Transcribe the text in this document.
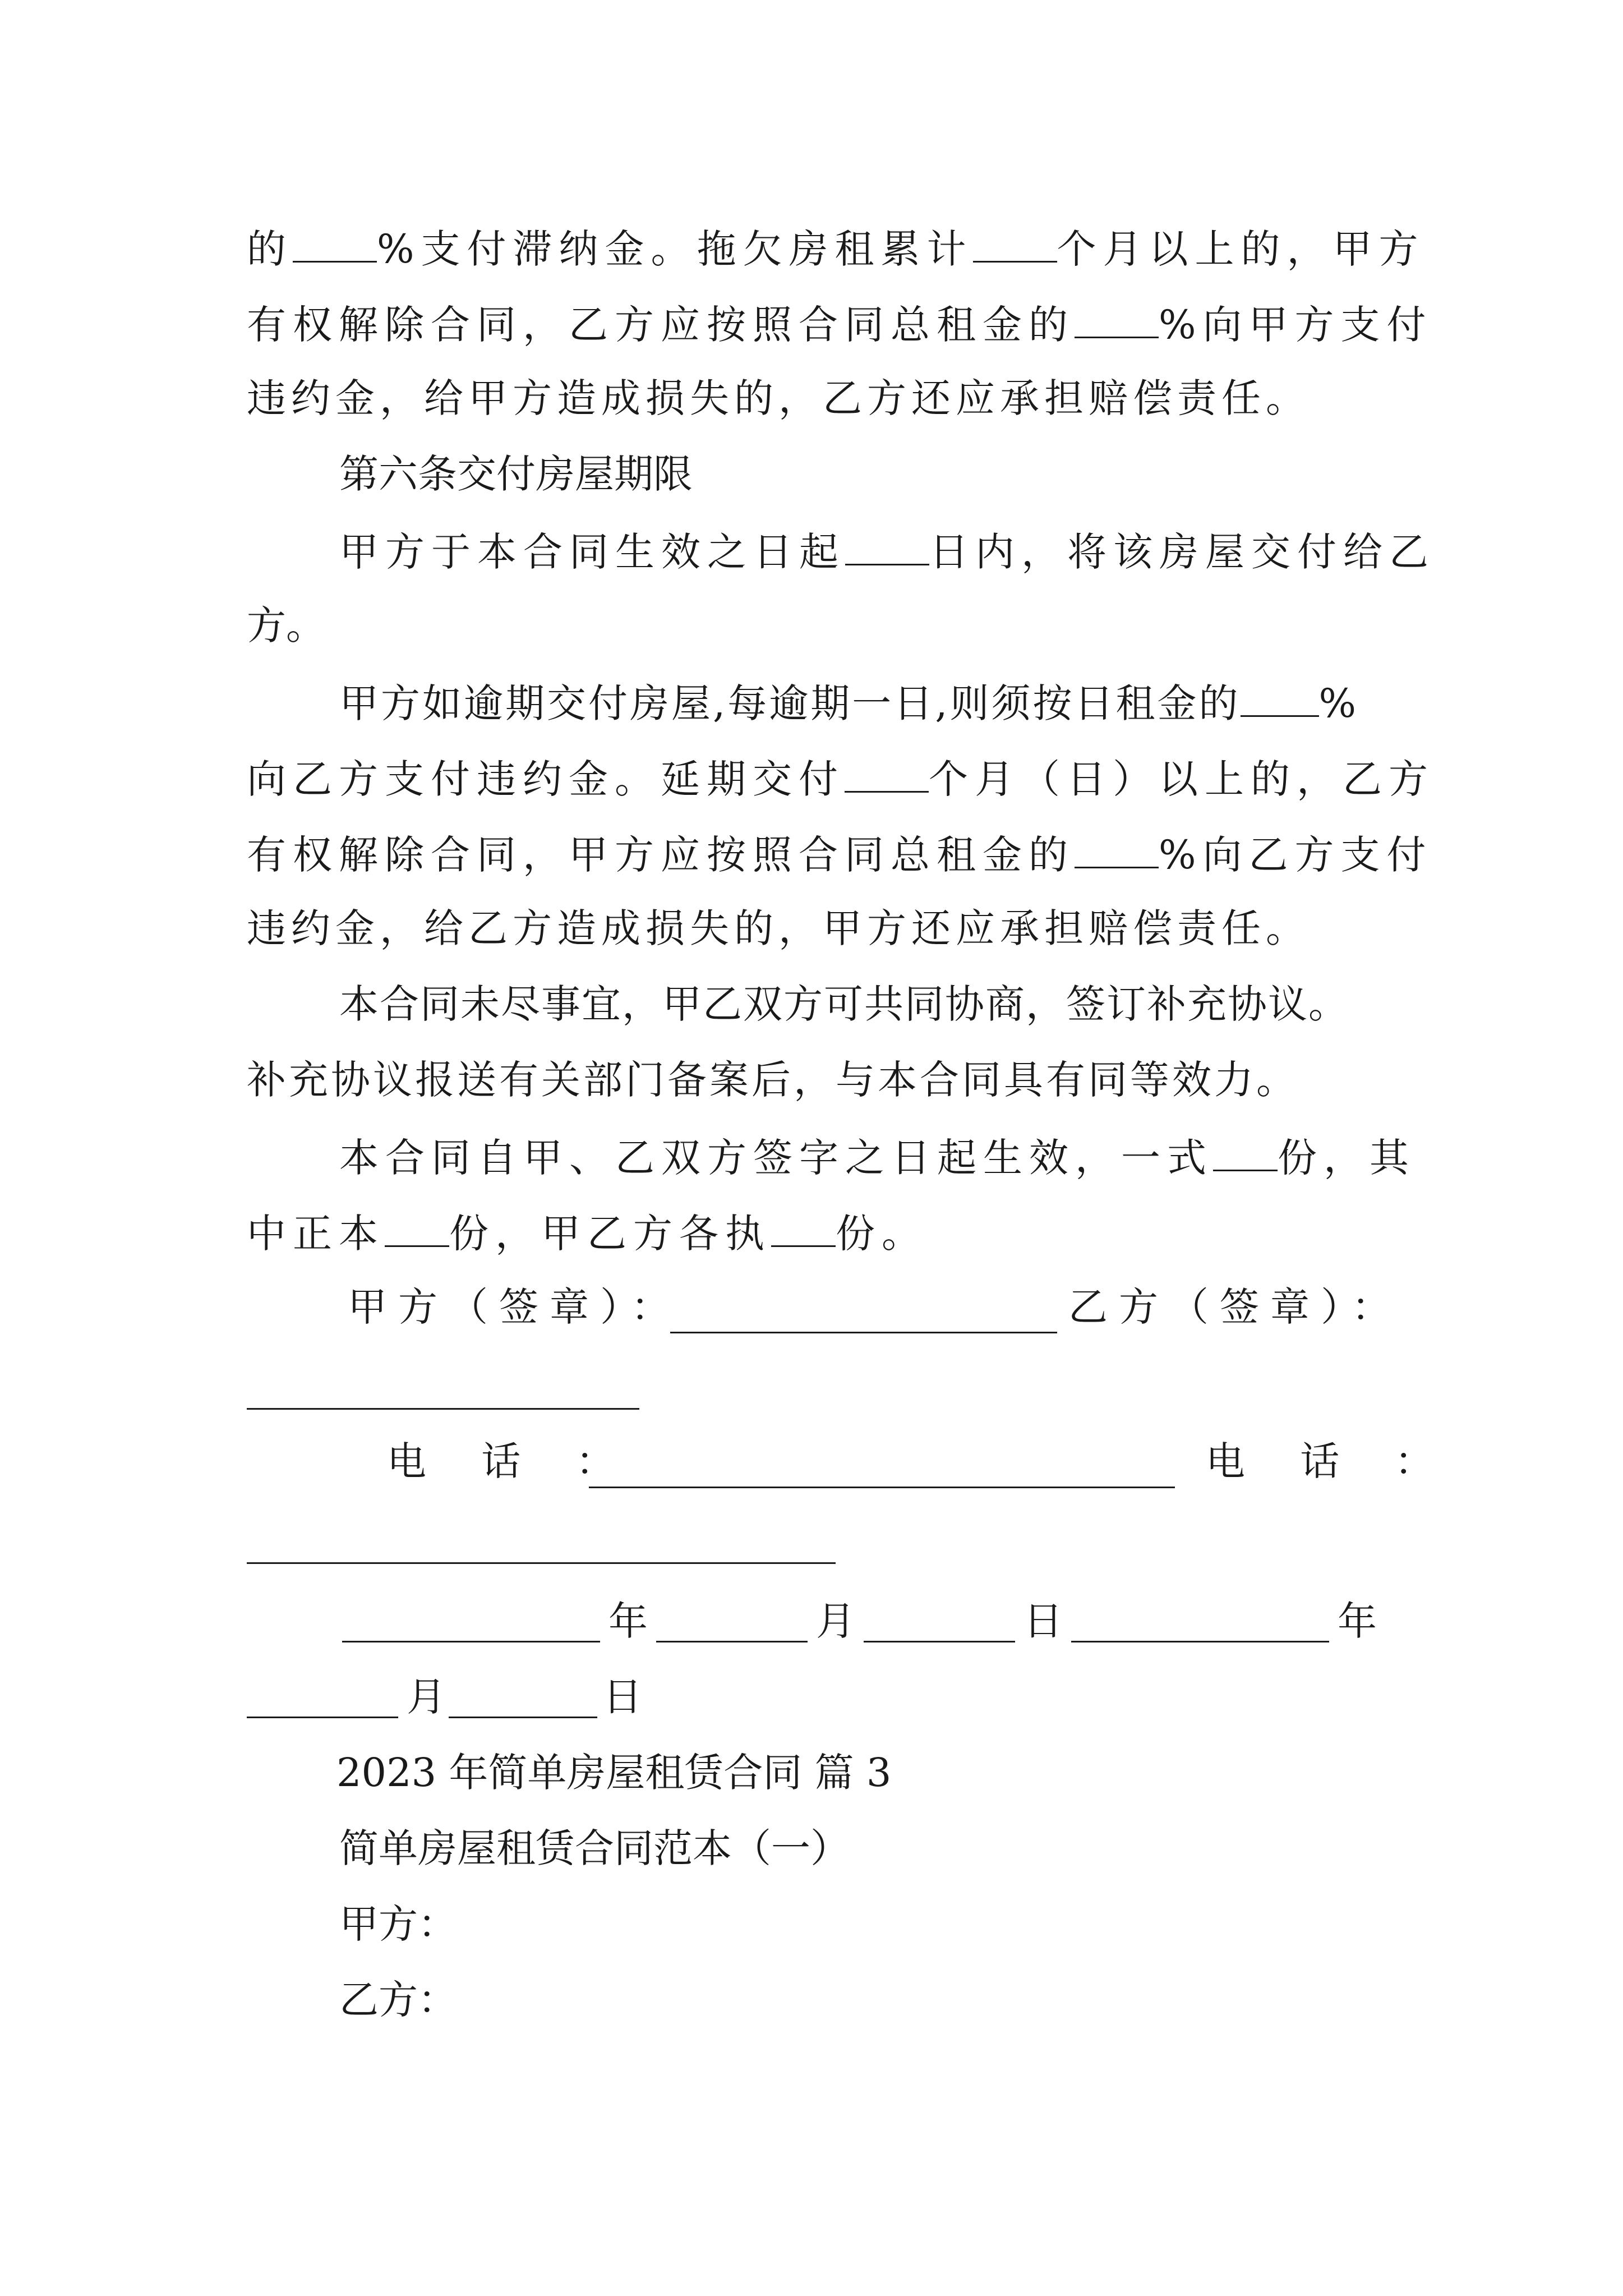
的 %支付滞纳金。拖欠房租累计 个月以上的，甲方
有权解除合同，乙方应按照合同总租金的 %向甲方支付
违约金，给甲方造成损失的，乙方还应承担赔偿责任。
第六条交付房屋期限
甲方于本合同生效之日起 日内，将该房屋交付给乙
方。
甲方如逾期交付房屋,每逾期一日,则须按日租金的 %
向乙方支付违约金。延期交付 个月（日）以上的，乙方
有权解除合同，甲方应按照合同总租金的 %向乙方支付
违约金，给乙方造成损失的，甲方还应承担赔偿责任。
本合同未尽事宜，甲乙双方可共同协商，签订补充协议。
补充协议报送有关部门备案后，与本合同具有同等效力。
本合同自甲、乙双方签字之日起生效，一式 份，其
中正本 份，甲乙方各执 份。
甲方（签章）：	乙方（签章）：
电 话 ：	电 话 ：
年	月	日	年
月	日
2023 年简单房屋租赁合同 篇 3
简单房屋租赁合同范本（一）
甲方：
乙方：
